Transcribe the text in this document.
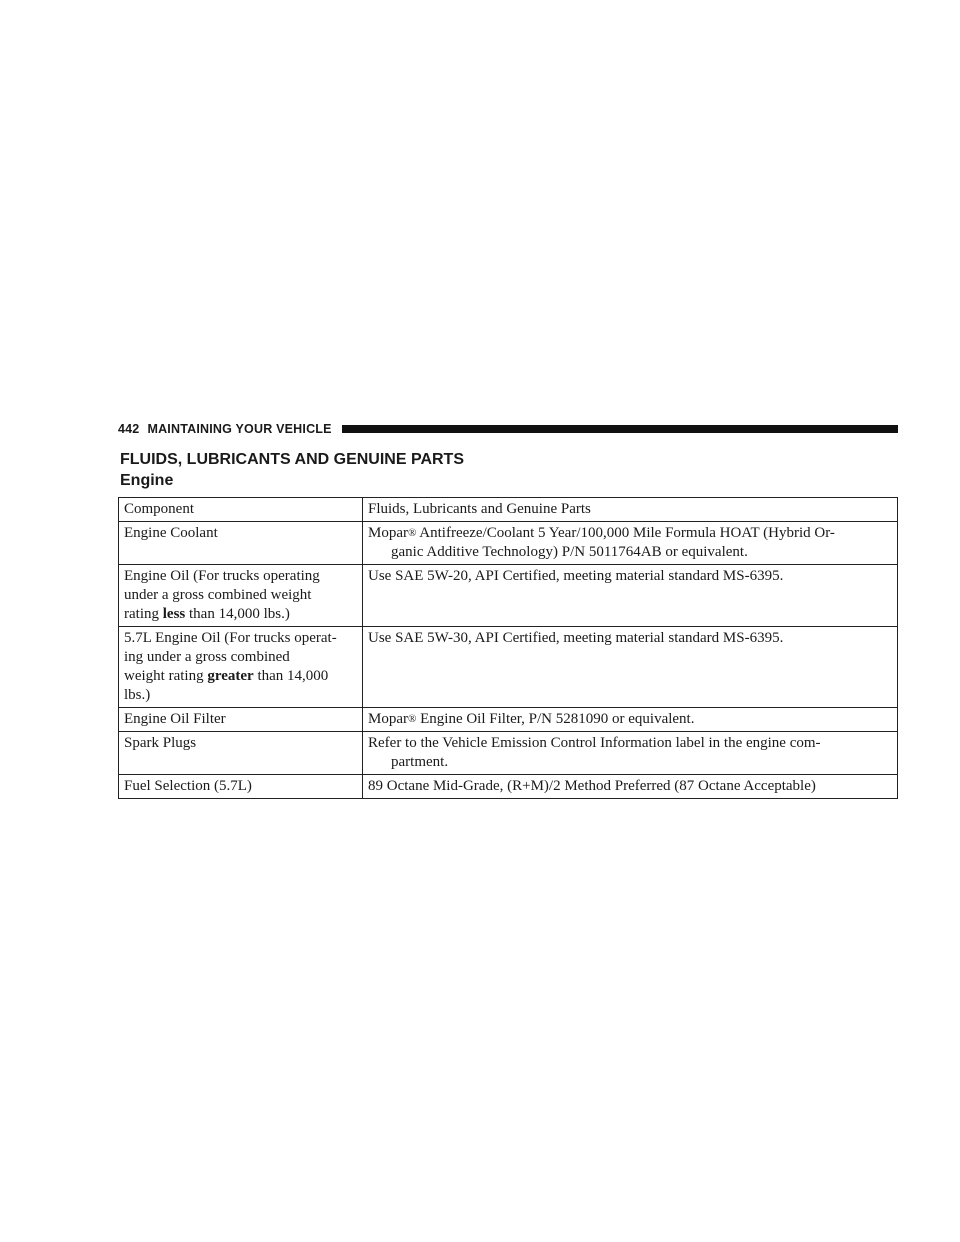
442 MAINTAINING YOUR VEHICLE
FLUIDS, LUBRICANTS AND GENUINE PARTS
Engine
Component	Fluids, Lubricants and Genuine Parts
Engine Coolant	Mopar® Antifreeze/Coolant 5 Year/100,000 Mile Formula HOAT (Hybrid Or-
ganic Additive Technology) P/N 5011764AB or equivalent.

Engine Oil (For trucks operating
under a gross combined weight
rating less than 14,000 lbs.)	Use SAE 5W-20, API Certified, meeting material standard MS-6395.
5.7L Engine Oil (For trucks operat-
ing under a gross combined
weight rating greater than 14,000
lbs.)	Use SAE 5W-30, API Certified, meeting material standard MS-6395.
Engine Oil Filter	Mopar® Engine Oil Filter, P/N 5281090 or equivalent.
Spark Plugs	Refer to the Vehicle Emission Control Information label in the engine com-
partment.

Fuel Selection (5.7L)	89 Octane Mid-Grade, (R+M)/2 Method Preferred (87 Octane Acceptable)
